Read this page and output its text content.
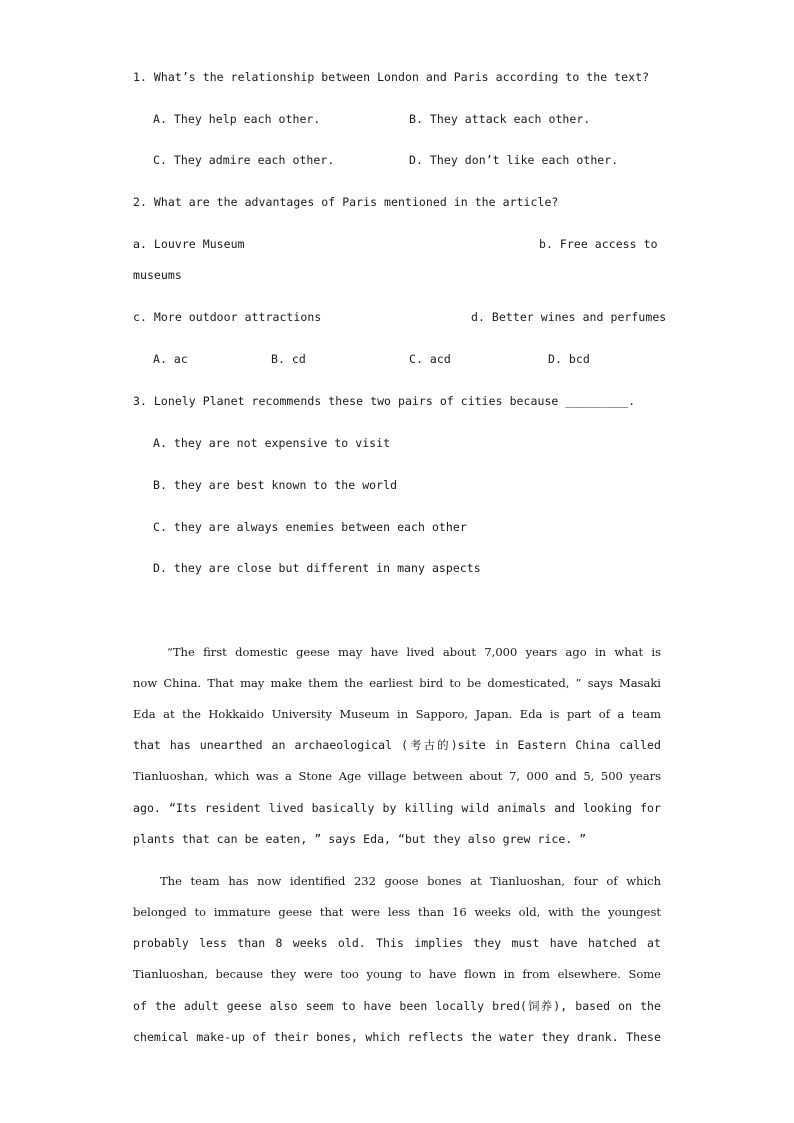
1. What’s the relationship between London and Paris according to the text?
A. They help each other.	B. They attack each other.
C. They admire each other.	D. They don’t like each other.
2. What are the advantages of Paris mentioned in the article?
a. Louvre Museum	b. Free access to
museums
c. More outdoor attractions	d. Better wines and perfumes
A. ac	B. cd	C. acd	D. bcd
3. Lonely Planet recommends these two pairs of cities because _________.
A. they are not expensive to visit
B. they are best known to the world
C. they are always enemies between each other
D. they are close but different in many aspects
“The first domestic geese may have lived about 7,000 years ago in what is
now China. That may make them the earliest bird to be domesticated, ” says Masaki
Eda at the Hokkaido University Museum in Sapporo, Japan. Eda is part of a team
that has unearthed an archaeological (考古的)site in Eastern China called
Tianluoshan, which was a Stone Age village between about 7, 000 and 5, 500 years
ago. “Its resident lived basically by killing wild animals and looking for
plants that can be eaten, ” says Eda, “but they also grew rice. ”
The team has now identified 232 goose bones at Tianluoshan, four of which
belonged to immature geese that were less than 16 weeks old, with the youngest
probably less than 8 weeks old. This implies they must have hatched at
Tianluoshan, because they were too young to have flown in from elsewhere. Some
of the adult geese also seem to have been locally bred(饲养), based on the
chemical make-up of their bones, which reflects the water they drank. These
